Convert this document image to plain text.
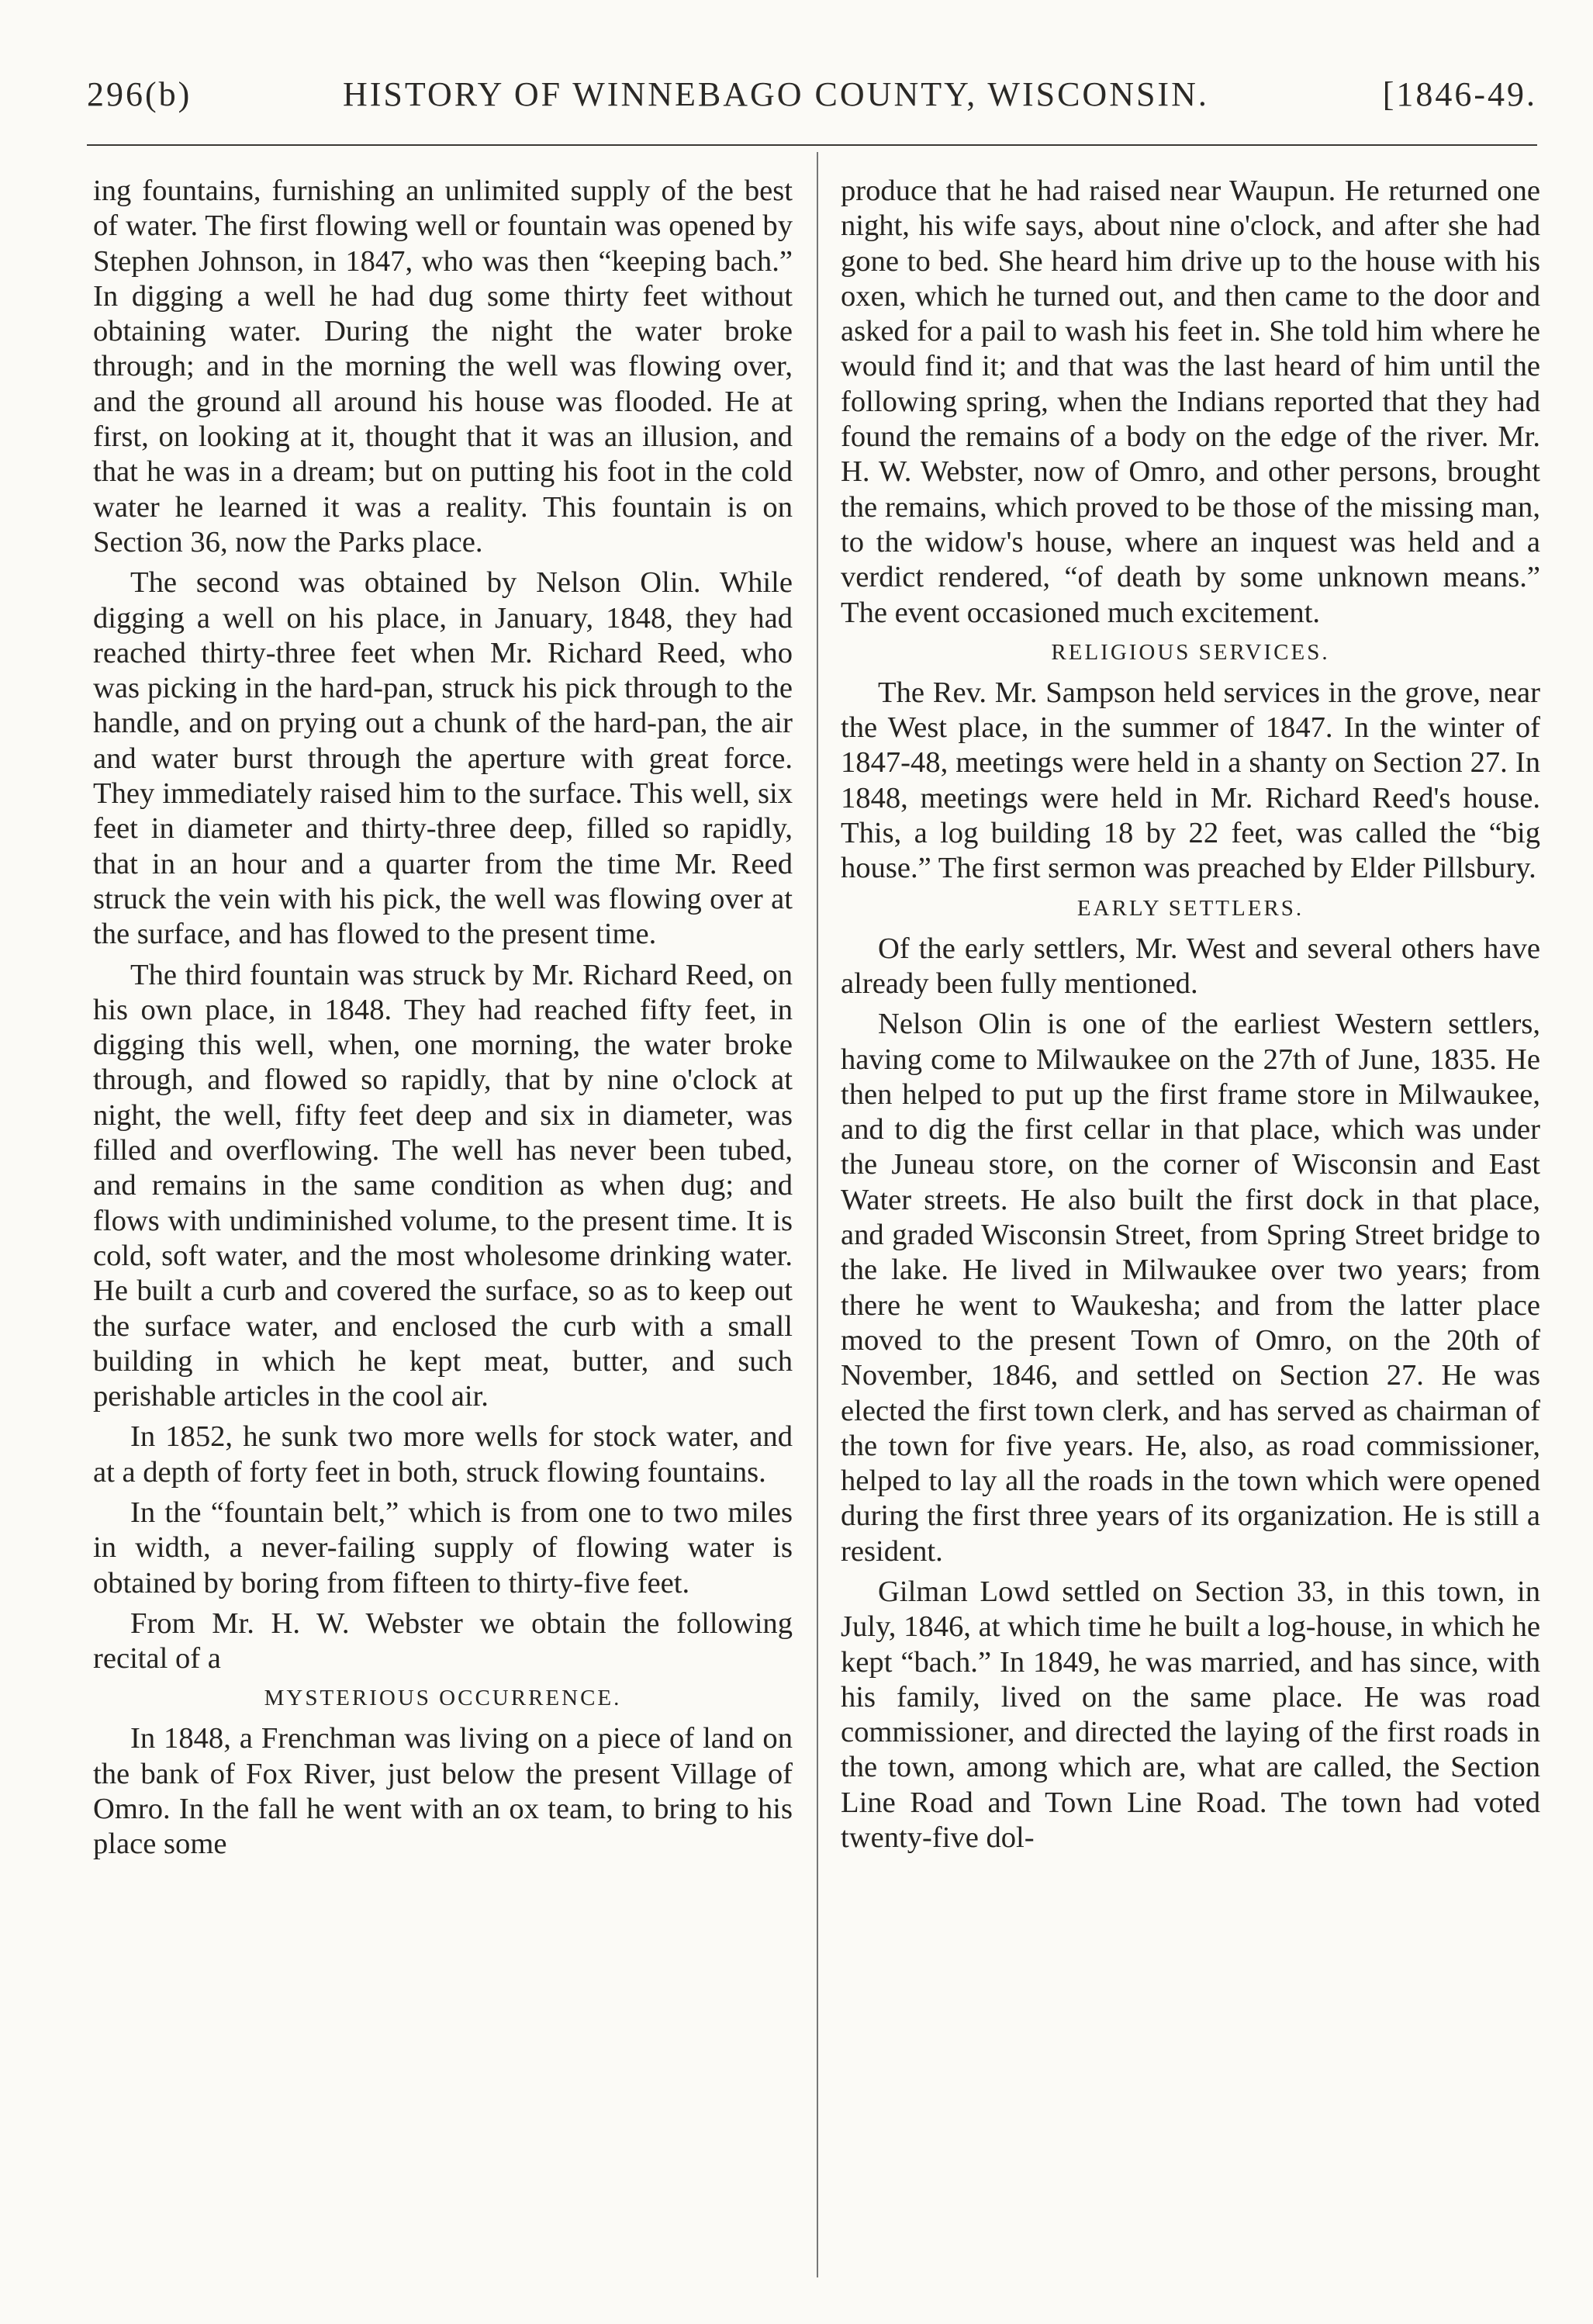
296(b)	HISTORY OF WINNEBAGO COUNTY, WISCONSIN.	[1846-49.

ing fountains, furnishing an unlimited supply of the best of water. The first flowing well or fountain was opened by Stephen Johnson, in 1847, who was then “keeping bach.” In digging a well he had dug some thirty feet without obtaining water. During the night the water broke through; and in the morning the well was flowing over, and the ground all around his house was flooded. He at first, on looking at it, thought that it was an illusion, and that he was in a dream; but on putting his foot in the cold water he learned it was a reality. This fountain is on Section 36, now the Parks place.

The second was obtained by Nelson Olin. While digging a well on his place, in January, 1848, they had reached thirty-three feet when Mr. Richard Reed, who was picking in the hard-pan, struck his pick through to the handle, and on prying out a chunk of the hard-pan, the air and water burst through the aperture with great force. They immediately raised him to the surface. This well, six feet in diameter and thirty-three deep, filled so rapidly, that in an hour and a quarter from the time Mr. Reed struck the vein with his pick, the well was flowing over at the surface, and has flowed to the present time.

The third fountain was struck by Mr. Richard Reed, on his own place, in 1848. They had reached fifty feet, in digging this well, when, one morning, the water broke through, and flowed so rapidly, that by nine o'clock at night, the well, fifty feet deep and six in diameter, was filled and overflowing. The well has never been tubed, and remains in the same condition as when dug; and flows with undiminished volume, to the present time. It is cold, soft water, and the most wholesome drinking water. He built a curb and covered the surface, so as to keep out the surface water, and enclosed the curb with a small building in which he kept meat, butter, and such perishable articles in the cool air.

In 1852, he sunk two more wells for stock water, and at a depth of forty feet in both, struck flowing fountains.

In the “fountain belt,” which is from one to two miles in width, a never-failing supply of flowing water is obtained by boring from fifteen to thirty-five feet.

From Mr. H. W. Webster we obtain the following recital of a

MYSTERIOUS OCCURRENCE.

In 1848, a Frenchman was living on a piece of land on the bank of Fox River, just below the present Village of Omro. In the fall he went with an ox team, to bring to his place some

produce that he had raised near Waupun. He returned one night, his wife says, about nine o'clock, and after she had gone to bed. She heard him drive up to the house with his oxen, which he turned out, and then came to the door and asked for a pail to wash his feet in. She told him where he would find it; and that was the last heard of him until the following spring, when the Indians reported that they had found the remains of a body on the edge of the river. Mr. H. W. Webster, now of Omro, and other persons, brought the remains, which proved to be those of the missing man, to the widow's house, where an inquest was held and a verdict rendered, “of death by some unknown means.” The event occasioned much excitement.

RELIGIOUS SERVICES.

The Rev. Mr. Sampson held services in the grove, near the West place, in the summer of 1847. In the winter of 1847-48, meetings were held in a shanty on Section 27. In 1848, meetings were held in Mr. Richard Reed's house. This, a log building 18 by 22 feet, was called the “big house.” The first sermon was preached by Elder Pillsbury.

EARLY SETTLERS.

Of the early settlers, Mr. West and several others have already been fully mentioned.

Nelson Olin is one of the earliest Western settlers, having come to Milwaukee on the 27th of June, 1835. He then helped to put up the first frame store in Milwaukee, and to dig the first cellar in that place, which was under the Juneau store, on the corner of Wisconsin and East Water streets. He also built the first dock in that place, and graded Wisconsin Street, from Spring Street bridge to the lake. He lived in Milwaukee over two years; from there he went to Waukesha; and from the latter place moved to the present Town of Omro, on the 20th of November, 1846, and settled on Section 27. He was elected the first town clerk, and has served as chairman of the town for five years. He, also, as road commissioner, helped to lay all the roads in the town which were opened during the first three years of its organization. He is still a resident.

Gilman Lowd settled on Section 33, in this town, in July, 1846, at which time he built a log-house, in which he kept “bach.” In 1849, he was married, and has since, with his family, lived on the same place. He was road commissioner, and directed the laying of the first roads in the town, among which are, what are called, the Section Line Road and Town Line Road. The town had voted twenty-five dol-
